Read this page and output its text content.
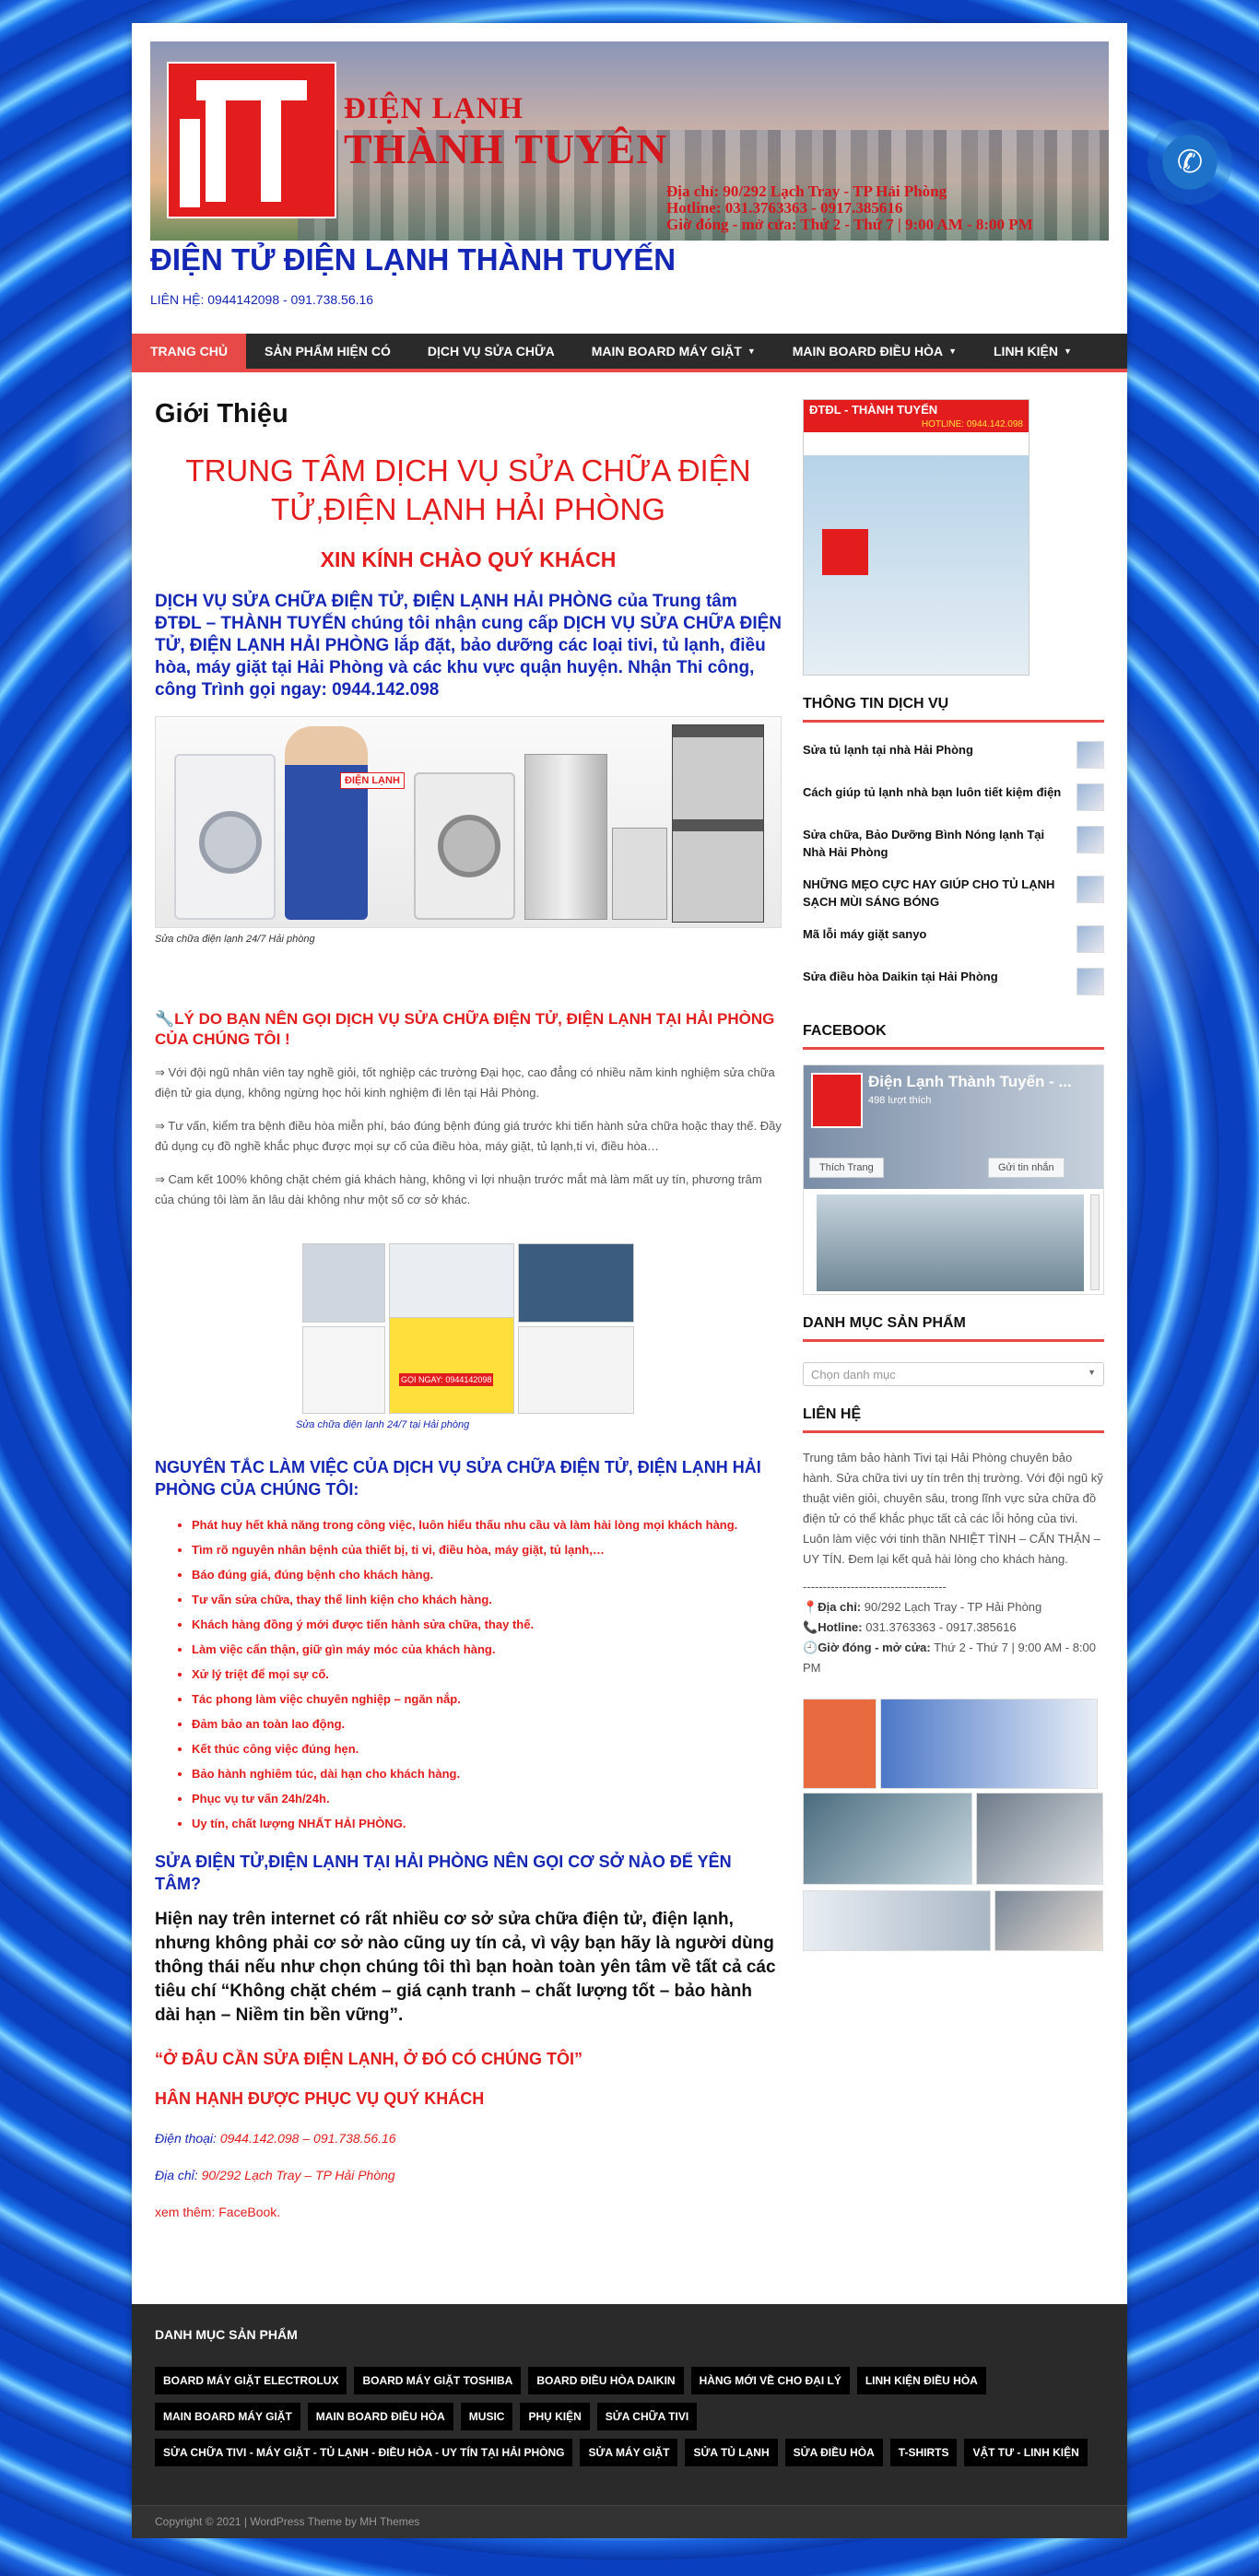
ĐIỆN LẠNH
THÀNH TUYÊN
Địa chỉ: 90/292 Lạch Tray - TP Hải Phòng
Hotline: 031.3763363 - 0917.385616
Giờ đóng - mở cửa: Thứ 2 - Thứ 7 | 9:00 AM - 8:00 PM
ĐIỆN TỬ ĐIỆN LẠNH THÀNH TUYẾN
LIÊN HỆ: 0944142098 - 091.738.56.16
TRANG CHỦ	SẢN PHẨM HIỆN CÓ	DỊCH VỤ SỬA CHỮA	MAIN BOARD MÁY GIẶT ▼	MAIN BOARD ĐIỀU HÒA ▼	LINH KIỆN ▼
Giới Thiệu
TRUNG TÂM DỊCH VỤ SỬA CHỮA ĐIỆN TỬ,ĐIỆN LẠNH HẢI PHÒNG
XIN KÍNH CHÀO QUÝ KHÁCH
DỊCH VỤ SỬA CHỮA ĐIỆN TỬ, ĐIỆN LẠNH HẢI PHÒNG của Trung tâm ĐTĐL – THÀNH TUYẾN chúng tôi nhận cung cấp DỊCH VỤ SỬA CHỮA ĐIỆN TỬ, ĐIỆN LẠNH HẢI PHÒNG lắp đặt, bảo dưỡng các loại tivi, tủ lạnh, điều hòa, máy giặt tại Hải Phòng và các khu vực quận huyện. Nhận Thi công, công Trình gọi ngay: 0944.142.098
ĐIỆN LẠNH
Sửa chữa điện lạnh 24/7 Hải phòng
🔧LÝ DO BẠN NÊN GỌI DỊCH VỤ SỬA CHỮA ĐIỆN TỬ, ĐIỆN LẠNH TẠI HẢI PHÒNG CỦA CHÚNG TÔI !

⇒ Với đội ngũ nhân viên tay nghề giỏi, tốt nghiệp các trường Đại học, cao đẳng có nhiều năm kinh nghiệm sửa chữa điện tử gia dụng, không ngừng học hỏi kinh nghiệm đi lên tại Hải Phòng.

⇒ Tư vấn, kiểm tra bệnh điều hòa miễn phí, báo đúng bệnh đúng giá trước khi tiến hành sửa chữa hoặc thay thế. Đầy đủ dụng cụ đồ nghề khắc phục được mọi sự cố của điều hòa, máy giặt, tủ lạnh,ti vi, điều hòa…

⇒ Cam kết 100% không chặt chém giá khách hàng, không vì lợi nhuận trước mắt mà làm mất uy tín, phương trâm của chúng tôi làm ăn lâu dài không như một số cơ sở khác.

GỌI NGAY: 0944142098
Sửa chữa điện lạnh 24/7 tại Hải phòng
NGUYÊN TẮC LÀM VIỆC CỦA DỊCH VỤ SỬA CHỮA ĐIỆN TỬ, ĐIỆN LẠNH HẢI PHÒNG CỦA CHÚNG TÔI:
• Phát huy hết khả năng trong công việc, luôn hiểu thấu nhu cầu và làm hài lòng mọi khách hàng.
• Tìm rõ nguyên nhân bệnh của thiết bị, ti vi, điều hòa, máy giặt, tủ lạnh,…
• Báo đúng giá, đúng bệnh cho khách hàng.
• Tư vấn sửa chữa, thay thế linh kiện cho khách hàng.
• Khách hàng đồng ý mới được tiến hành sửa chữa, thay thế.
• Làm việc cẩn thận, giữ gìn máy móc của khách hàng.
• Xử lý triệt để mọi sự cố.
• Tác phong làm việc chuyên nghiệp – ngăn nắp.
• Đảm bảo an toàn lao động.
• Kết thúc công việc đúng hẹn.
• Bảo hành nghiêm túc, dài hạn cho khách hàng.
• Phục vụ tư vấn 24h/24h.
• Uy tín, chất lượng NHẤT HẢI PHÒNG.
SỬA ĐIỆN TỬ,ĐIỆN LẠNH TẠI HẢI PHÒNG NÊN GỌI CƠ SỞ NÀO ĐỂ YÊN TÂM?
Hiện nay trên internet có rất nhiều cơ sở sửa chữa điện tử, điện lạnh, nhưng không phải cơ sở nào cũng uy tín cả, vì vậy bạn hãy là người dùng thông thái nếu như chọn chúng tôi thì bạn hoàn toàn yên tâm về tất cả các tiêu chí “Không chặt chém – giá cạnh tranh – chất lượng tốt – bảo hành dài hạn – Niềm tin bền vững”.
“Ở ĐÂU CẦN SỬA ĐIỆN LẠNH, Ở ĐÓ CÓ CHÚNG TÔI”
HÂN HẠNH ĐƯỢC PHỤC VỤ QUÝ KHÁCH
Điện thoại: 0944.142.098 – 091.738.56.16
Địa chỉ: 90/292 Lạch Tray – TP Hải Phòng
xem thêm: FaceBook.
ĐTĐL - THÀNH TUYẾN
HOTLINE: 0944.142.098
THÔNG TIN DỊCH VỤ
Sửa tủ lạnh tại nhà Hải Phòng
Cách giúp tủ lạnh nhà bạn luôn tiết kiệm điện
Sửa chữa, Bảo Dưỡng Bình Nóng lạnh Tại Nhà Hải Phòng
NHỮNG MẸO CỰC HAY GIÚP CHO TỦ LẠNH SẠCH MÙI SÁNG BÓNG
Mã lỗi máy giặt sanyo
Sửa điều hòa Daikin tại Hải Phòng
FACEBOOK
Điện Lạnh Thành Tuyến - ...
498 lượt thích
Thích Trang	Gửi tin nhắn
DANH MỤC SẢN PHẨM
Chọn danh mục	▼
LIÊN HỆ
Trung tâm bảo hành Tivi tại Hải Phòng chuyên bảo hành. Sửa chữa tivi uy tín trên thị trường. Với đội ngũ kỹ thuật viên giỏi, chuyên sâu, trong lĩnh vực sửa chữa đồ điện tử có thể khắc phục tất cả các lỗi hỏng của tivi. Luôn làm việc với tinh thần NHIỆT TÌNH – CẨN THẬN – UY TÍN. Đem lại kết quả hài lòng cho khách hàng.
------------------------------------
📍Địa chỉ: 90/292 Lạch Tray - TP Hải Phòng
📞Hotline: 031.3763363 - 0917.385616
🕘Giờ đóng - mở cửa: Thứ 2 - Thứ 7 | 9:00 AM - 8:00 PM
DANH MỤC SẢN PHẨM
BOARD MÁY GIẶT ELECTROLUX	BOARD MÁY GIẶT TOSHIBA	BOARD ĐIỀU HÒA DAIKIN	HÀNG MỚI VỀ CHO ĐẠI LÝ	LINH KIỆN ĐIỀU HÒA
MAIN BOARD MÁY GIẶT	MAIN BOARD ĐIỀU HÒA	MUSIC	PHỤ KIỆN	SỬA CHỮA TIVI
SỬA CHỮA TIVI - MÁY GIẶT - TỦ LẠNH - ĐIỀU HÒA - UY TÍN TẠI HẢI PHÒNG	SỬA MÁY GIẶT	SỬA TỦ LẠNH	SỬA ĐIỀU HÒA	T-SHIRTS	VẬT TƯ - LINH KIỆN
Copyright © 2021 | WordPress Theme by MH Themes
✆
